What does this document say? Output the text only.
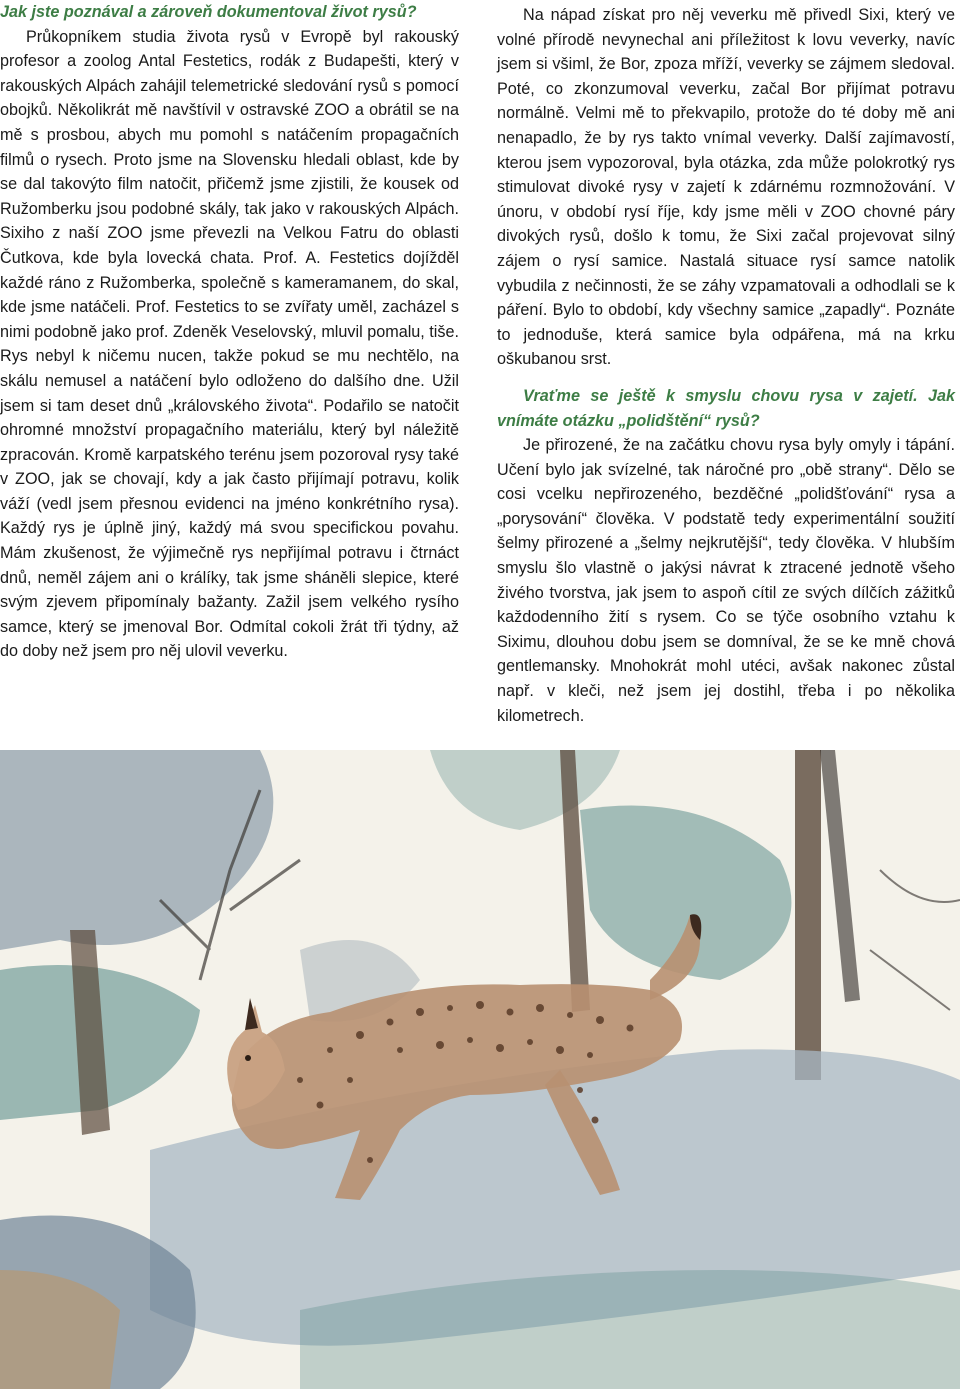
Jak jste poznával a zároveň dokumentoval život rysů?

Průkopníkem studia života rysů v Evropě byl rakouský profesor a zoolog Antal Festetics, rodák z Budapešti, který v rakouských Alpách zahájil telemetrické sledování rysů s pomocí obojků. Několikrát mě navštívil v ostravské ZOO a obrátil se na mě s prosbou, abych mu pomohl s natáčením propagačních filmů o rysech. Proto jsme na Slovensku hledali oblast, kde by se dal takovýto film natočit, přičemž jsme zjistili, že kousek od Ružomberku jsou podobné skály, tak jako v rakouských Alpách. Sixiho z naší ZOO jsme převezli na Velkou Fatru do oblasti Čutkova, kde byla lovecká chata. Prof. A. Festetics dojížděl každé ráno z Ružomberka, společně s kameramanem, do skal, kde jsme natáčeli. Prof. Festetics to se zvířaty uměl, zacházel s nimi podobně jako prof. Zdeněk Veselovský, mluvil pomalu, tiše. Rys nebyl k ničemu nucen, takže pokud se mu nechtělo, na skálu nemusel a natáčení bylo odloženo do dalšího dne. Užil jsem si tam deset dnů „královského života“. Podařilo se natočit ohromné množství propagačního materiálu, který byl náležitě zpracován. Kromě karpatského terénu jsem pozoroval rysy také v ZOO, jak se chovají, kdy a jak často přijímají potravu, kolik váží (vedl jsem přesnou evidenci na jméno konkrétního rysa). Každý rys je úplně jiný, každý má svou specifickou povahu. Mám zkušenost, že výjimečně rys nepřijímal potravu i čtrnáct dnů, neměl zájem ani o králíky, tak jsme sháněli slepice, které svým zjevem připomínaly bažanty. Zažil jsem velkého rysího samce, který se jmenoval Bor. Odmítal cokoli žrát tři týdny, až do doby než jsem pro něj ulovil veverku.

Na nápad získat pro něj veverku mě přivedl Sixi, který ve volné přírodě nevynechal ani příležitost k lovu veverky, navíc jsem si všiml, že Bor, zpoza mříží, veverky se zájmem sledoval. Poté, co zkonzumoval veverku, začal Bor přijímat potravu normálně. Velmi mě to překvapilo, protože do té doby mě ani nenapadlo, že by rys takto vnímal veverky. Další zajímavostí, kterou jsem vypozoroval, byla otázka, zda může polokrotký rys stimulovat divoké rysy v zajetí k zdárnému rozmnožování. V únoru, v období rysí říje, kdy jsme měli v ZOO chovné páry divokých rysů, došlo k tomu, že Sixi začal projevovat silný zájem o rysí samice. Nastalá situace rysí samce natolik vybudila z nečinnosti, že se záhy vzpamatovali a odhodlali se k páření. Bylo to období, kdy všechny samice „zapadly“. Poznáte to jednoduše, která samice byla odpářena, má na krku oškubanou srst.

Vraťme se ještě k smyslu chovu rysa v zajetí. Jak vnímáte otázku „polidštění“ rysů?

Je přirozené, že na začátku chovu rysa byly omyly i tápání. Učení bylo jak svízelné, tak náročné pro „obě strany“. Dělo se cosi vcelku nepřirozeného, bezděčné „polidšťování“ rysa a „porysování“ člověka. V podstatě tedy experimentální soužití šelmy přirozené a „šelmy nejkrutější“, tedy člověka. V hlubším smyslu šlo vlastně o jakýsi návrat k ztracené jednotě všeho živého tvorstva, jak jsem to aspoň cítil ze svých dílčích zážitků každodenního žití s rysem. Co se týče osobního vztahu k Siximu, dlouhou dobu jsem se domníval, že se ke mně chová gentlemansky. Mnohokrát mohl utéci, avšak nakonec zůstal např. v kleči, než jsem jej dostihl, třeba i po několika kilometrech.
